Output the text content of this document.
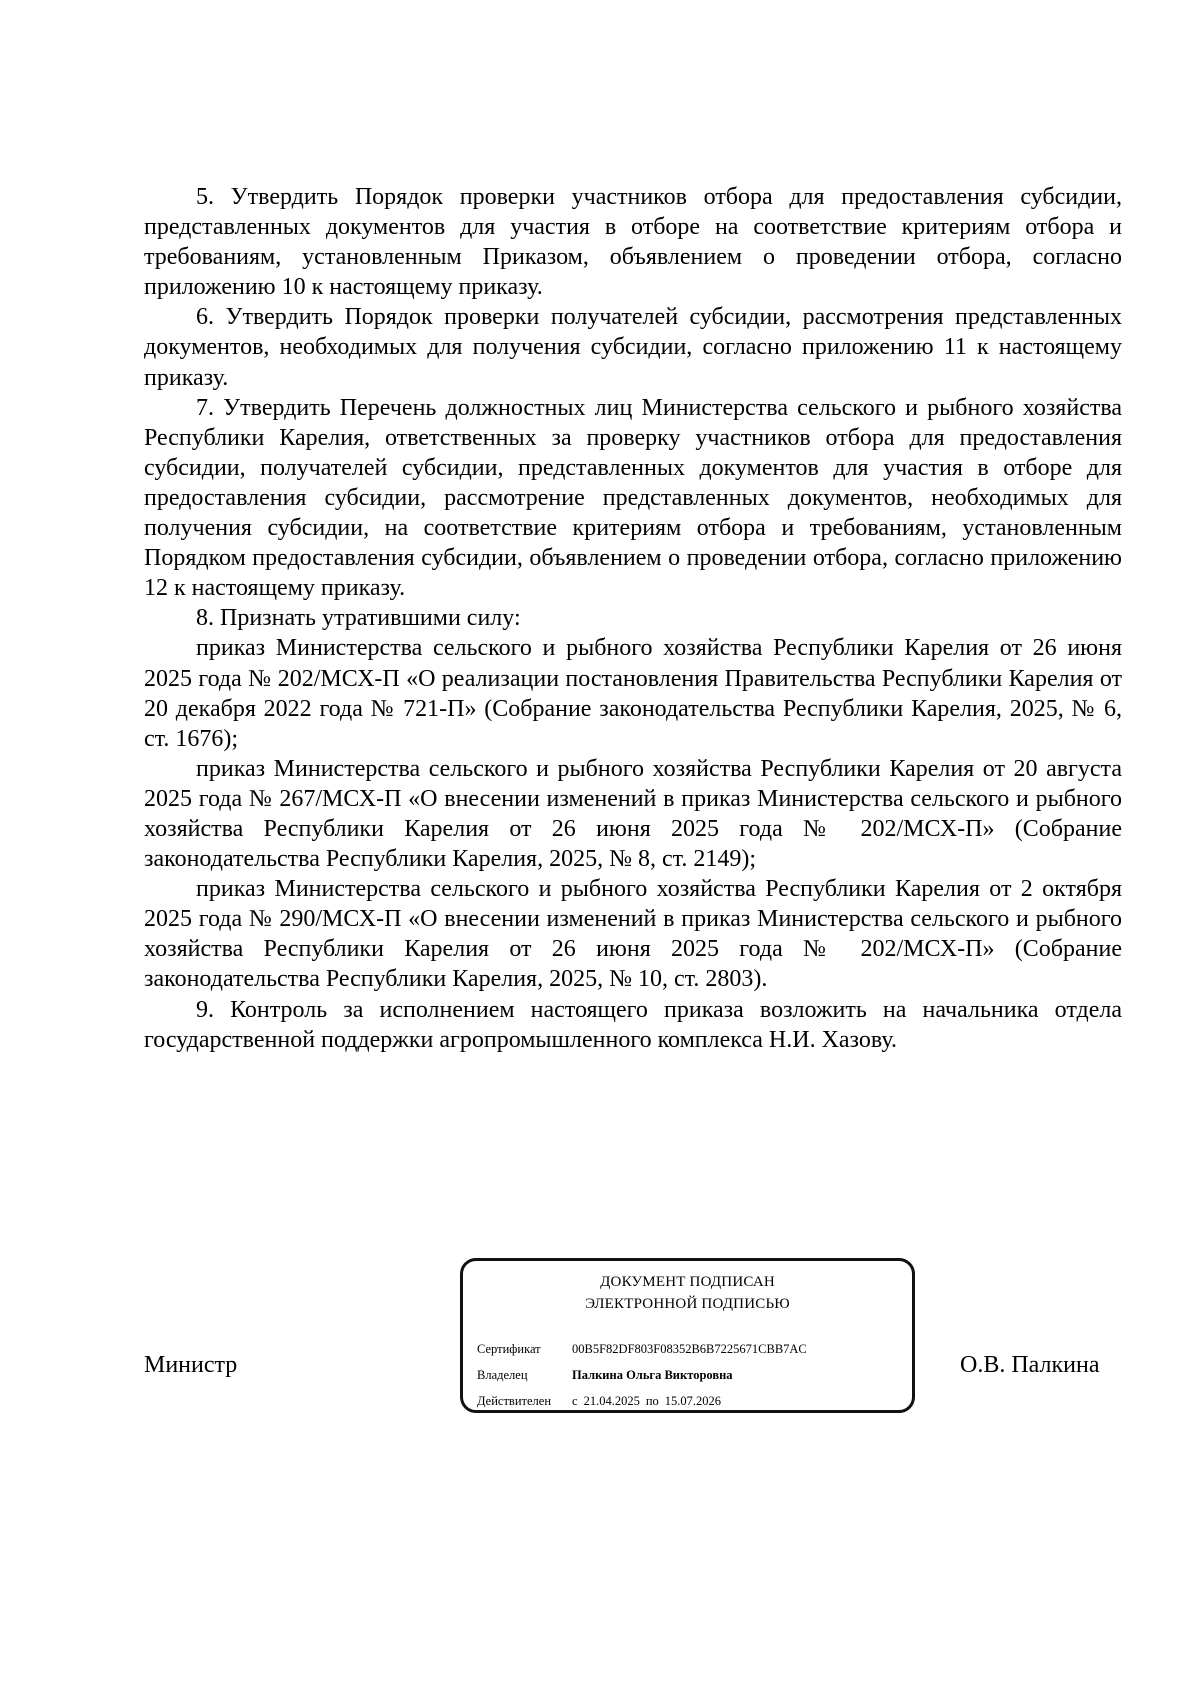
5. Утвердить Порядок проверки участников отбора для предоставления субсидии, представленных документов для участия в отборе на соответствие критериям отбора и требованиям, установленным Приказом, объявлением о проведении отбора, согласно приложению 10 к настоящему приказу.

6. Утвердить Порядок проверки получателей субсидии, рассмотрения представленных документов, необходимых для получения субсидии, согласно приложению 11 к настоящему приказу.

7. Утвердить Перечень должностных лиц Министерства сельского и рыбного хозяйства Республики Карелия, ответственных за проверку участников отбора для предоставления субсидии, получателей субсидии, представленных документов для участия в отборе для предоставления субсидии, рассмотрение представленных документов, необходимых для получения субсидии, на соответствие критериям отбора и требованиям, установленным Порядком предоставления субсидии, объявлением о проведении отбора, согласно приложению 12 к настоящему приказу.

8. Признать утратившими силу:

приказ Министерства сельского и рыбного хозяйства Республики Карелия от 26 июня 2025 года № 202/МСХ-П «О реализации постановления Правительства Республики Карелия от 20 декабря 2022 года № 721-П» (Собрание законодательства Республики Карелия, 2025, № 6, ст. 1676);

приказ Министерства сельского и рыбного хозяйства Республики Карелия от 20 августа 2025 года № 267/МСХ-П «О внесении изменений в приказ Министерства сельского и рыбного хозяйства Республики Карелия от 26 июня 2025 года № 202/МСХ-П» (Собрание законодательства Республики Карелия, 2025, № 8, ст. 2149);

приказ Министерства сельского и рыбного хозяйства Республики Карелия от 2 октября 2025 года № 290/МСХ-П «О внесении изменений в приказ Министерства сельского и рыбного хозяйства Республики Карелия от 26 июня 2025 года № 202/МСХ-П» (Собрание законодательства Республики Карелия, 2025, № 10, ст. 2803).

9. Контроль за исполнением настоящего приказа возложить на начальника отдела государственной поддержки агропромышленного комплекса Н.И. Хазову.

Министр
ДОКУМЕНТ ПОДПИСАН
ЭЛЕКТРОННОЙ ПОДПИСЬЮ
Сертификат	00B5F82DF803F08352B6B7225671CBB7AC
Владелец	Палкина Ольга Викторовна
Действителен с 21.04.2025 по 15.07.2026
О.В. Палкина
